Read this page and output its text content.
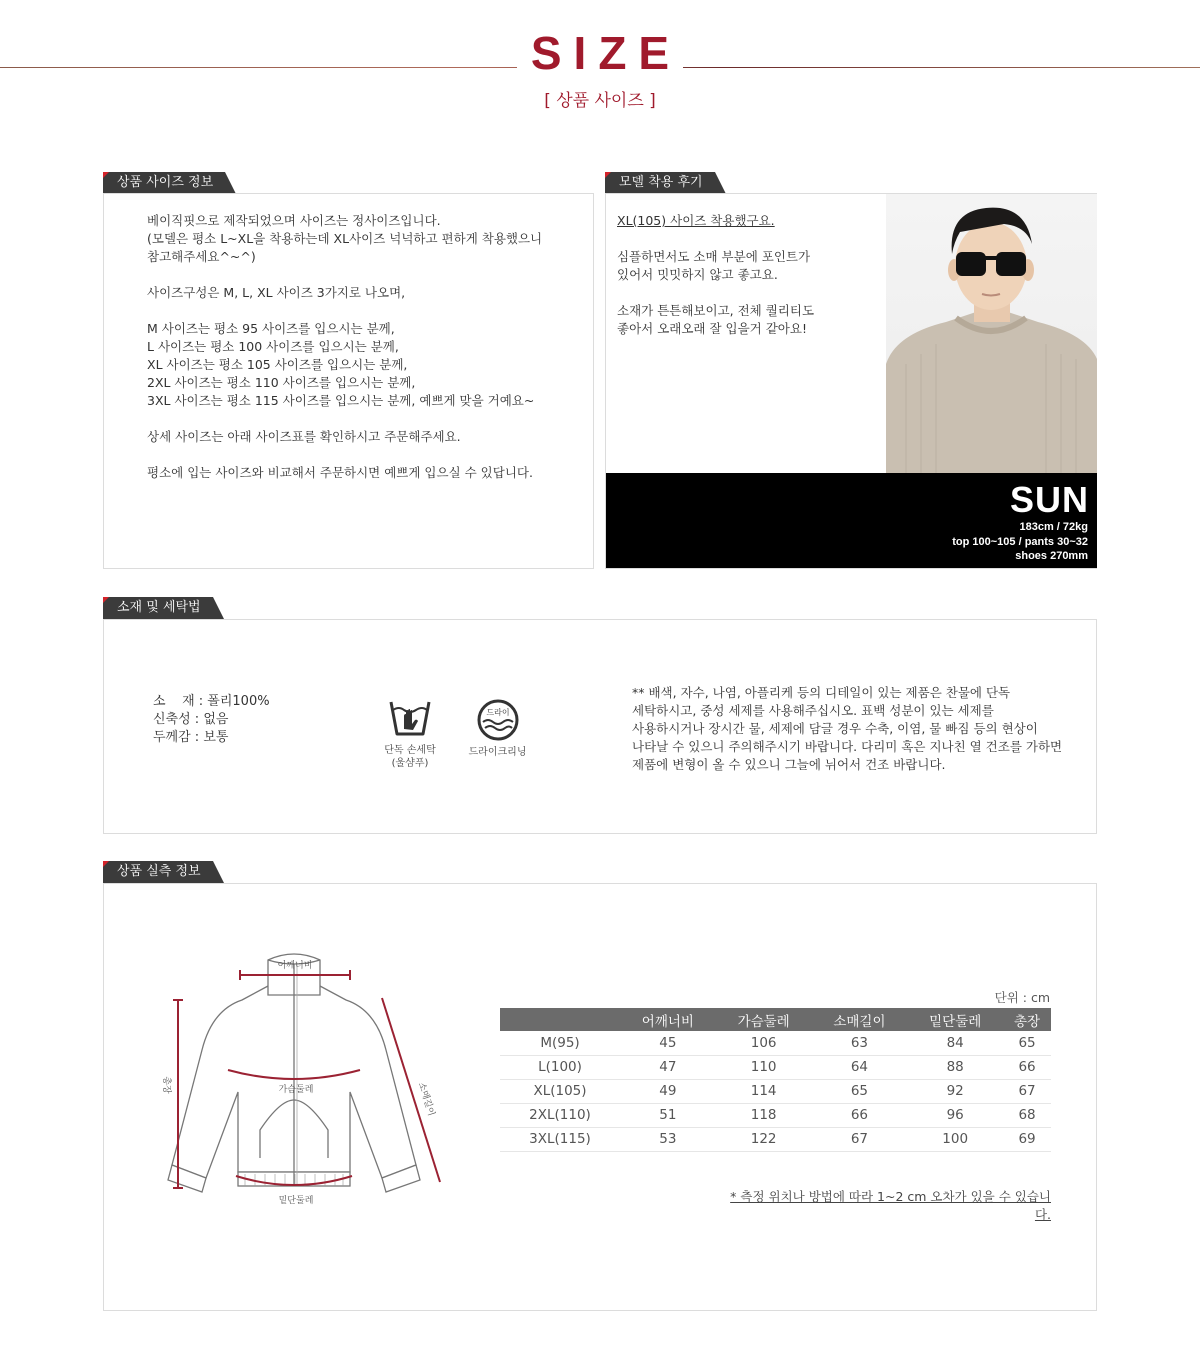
SIZE
[ 상품 사이즈 ]
상품 사이즈 정보

베이직핏으로 제작되었으며 사이즈는 정사이즈입니다.
(모델은 평소 L~XL을 착용하는데 XL사이즈 넉넉하고 편하게 착용했으니
참고해주세요^~^)

사이즈구성은 M, L, XL 사이즈 3가지로 나오며,

M 사이즈는 평소 95 사이즈를 입으시는 분께,
L 사이즈는 평소 100 사이즈를 입으시는 분께,
XL 사이즈는 평소 105 사이즈를 입으시는 분께,
2XL 사이즈는 평소 110 사이즈를 입으시는 분께,
3XL 사이즈는 평소 115 사이즈를 입으시는 분께, 예쁘게 맞을 거예요~

상세 사이즈는 아래 사이즈표를 확인하시고 주문해주세요.

평소에 입는 사이즈와 비교해서 주문하시면 예쁘게 입으실 수 있답니다.

모델 착용 후기

XL(105) 사이즈 착용했구요.

심플하면서도 소매 부분에 포인트가
있어서 밋밋하지 않고 좋고요.

소재가 튼튼해보이고, 전체 퀄리티도
좋아서 오래오래 잘 입을거 같아요!

SUN
183cm / 72kg
top 100~105 / pants 30~32
shoes 270mm
소재 및 세탁법
소    재 : 폴리100%
신축성 : 없음
두께감 : 보통
단독 손세탁
(울샴푸)
드라이
드라이크리닝
** 배색, 자수, 나염, 아플리케 등의 디테일이 있는 제품은 찬물에 단독
세탁하시고, 중성 세제를 사용해주십시오. 표백 성분이 있는 세제를
사용하시거나 장시간 물, 세제에 담글 경우 수축, 이염, 물 빠짐 등의 현상이
나타날 수 있으니 주의해주시기 바랍니다. 다리미 혹은 지나친 열 건조를 가하면
제품에 변형이 올 수 있으니 그늘에 뉘어서 건조 바랍니다.
상품 실측 정보
어깨너비
가슴둘레
밑단둘레
총장	소매길이
단위 : cm
	어깨너비	가슴둘레	소매길이	밑단둘레	총장
M(95)	45	106	63	84	65
L(100)	47	110	64	88	66
XL(105)	49	114	65	92	67
2XL(110)	51	118	66	96	68
3XL(115)	53	122	67	100	69
* 측정 위치나 방법에 따라 1~2 cm 오차가 있을 수 있습니다.
